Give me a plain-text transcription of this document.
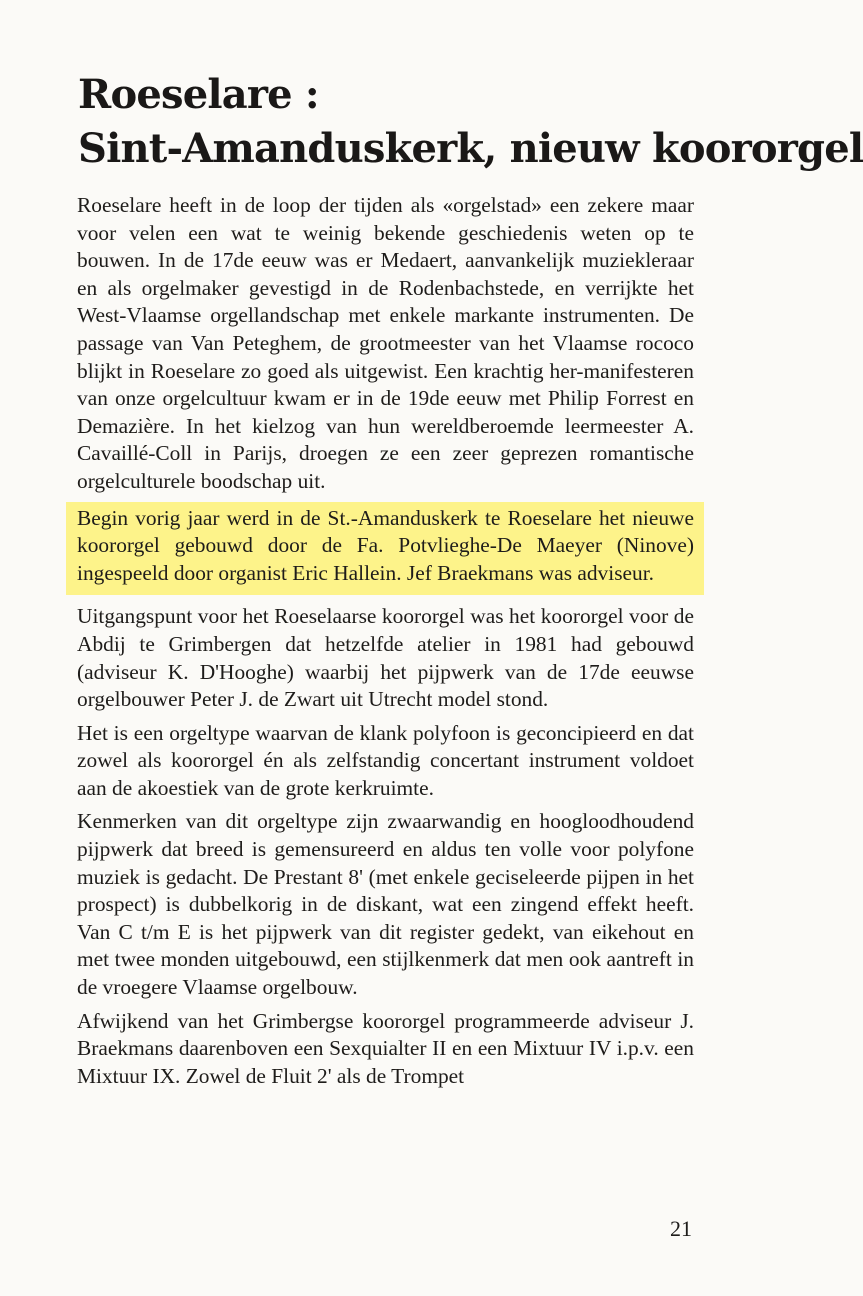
Roeselare :
Sint-Amanduskerk, nieuw koororgel

Roeselare heeft in de loop der tijden als «orgelstad» een zekere maar voor velen een wat te weinig bekende geschiedenis weten op te bouwen. In de 17de eeuw was er Medaert, aanvankelijk muziekleraar en als orgelmaker gevestigd in de Rodenbachstede, en verrijkte het West-Vlaamse orgellandschap met enkele markante instrumenten. De passage van Van Peteghem, de grootmeester van het Vlaamse rococo blijkt in Roeselare zo goed als uitgewist. Een krachtig her-manifesteren van onze orgelcultuur kwam er in de 19de eeuw met Philip Forrest en Demazière. In het kielzog van hun wereldberoemde leermeester A. Cavaillé-Coll in Parijs, droegen ze een zeer geprezen romantische orgelculturele boodschap uit.

Begin vorig jaar werd in de St.-Amanduskerk te Roeselare het nieuwe koororgel gebouwd door de Fa. Potvlieghe-De Maeyer (Ninove) ingespeeld door organist Eric Hallein. Jef Braekmans was adviseur.

Uitgangspunt voor het Roeselaarse koororgel was het koororgel voor de Abdij te Grimbergen dat hetzelfde atelier in 1981 had gebouwd (adviseur K. D'Hooghe) waarbij het pijpwerk van de 17de eeuwse orgelbouwer Peter J. de Zwart uit Utrecht model stond.

Het is een orgeltype waarvan de klank polyfoon is geconcipieerd en dat zowel als koororgel én als zelfstandig concertant instrument voldoet aan de akoestiek van de grote kerkruimte.

Kenmerken van dit orgeltype zijn zwaarwandig en hoogloodhoudend pijpwerk dat breed is gemensureerd en aldus ten volle voor polyfone muziek is gedacht. De Prestant 8' (met enkele geciseleerde pijpen in het prospect) is dubbelkorig in de diskant, wat een zingend effekt heeft. Van C t/m E is het pijpwerk van dit register gedekt, van eikehout en met twee monden uitgebouwd, een stijlkenmerk dat men ook aantreft in de vroegere Vlaamse orgelbouw.

Afwijkend van het Grimbergse koororgel programmeerde adviseur J. Braekmans daarenboven een Sexquialter II en een Mixtuur IV i.p.v. een Mixtuur IX. Zowel de Fluit 2' als de Trompet

21
